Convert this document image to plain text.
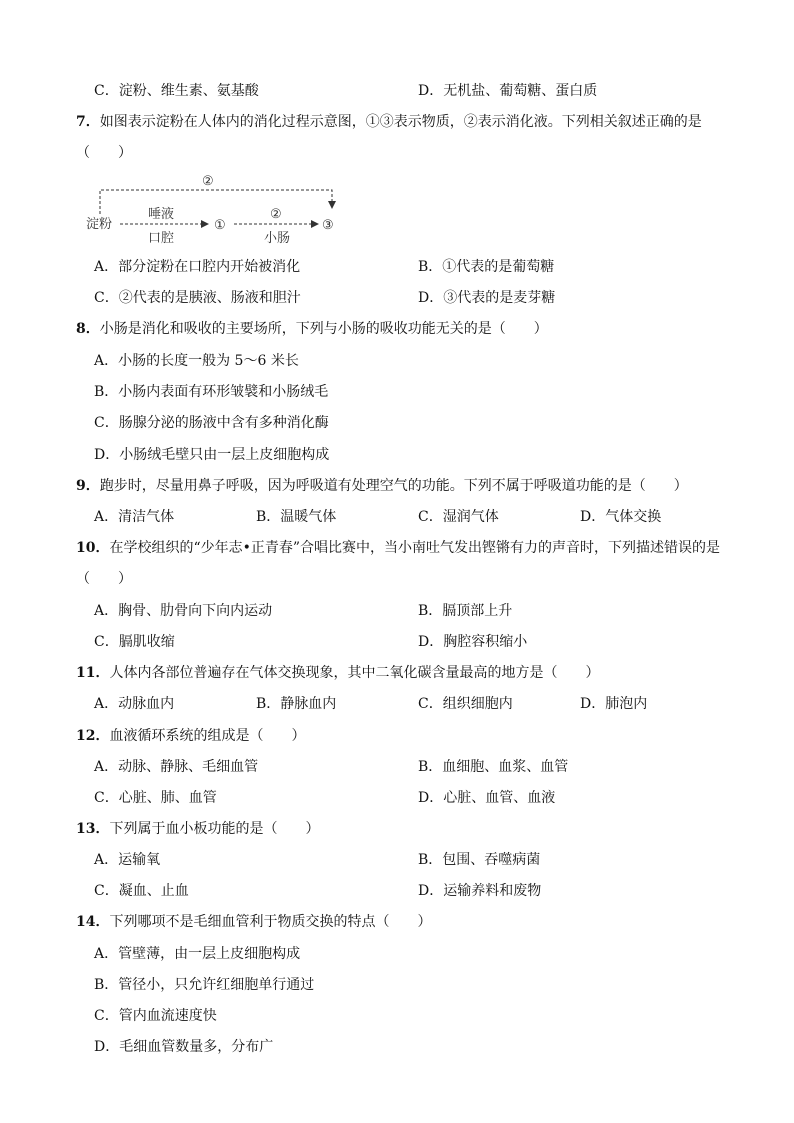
C．淀粉、维生素、氨基酸	D．无机盐、葡萄糖、蛋白质
7．如图表示淀粉在人体内的消化过程示意图，①③表示物质，②表示消化液。下列相关叙述正确的是
（　　）
②
淀粉
唾液
口腔
①
②
小肠
③
A．部分淀粉在口腔内开始被消化	B．①代表的是葡萄糖
C．②代表的是胰液、肠液和胆汁	D．③代表的是麦芽糖
8．小肠是消化和吸收的主要场所，下列与小肠的吸收功能无关的是（　　）
A．小肠的长度一般为 5～6 米长
B．小肠内表面有环形皱襞和小肠绒毛
C．肠腺分泌的肠液中含有多种消化酶
D．小肠绒毛壁只由一层上皮细胞构成
9．跑步时，尽量用鼻子呼吸，因为呼吸道有处理空气的功能。下列不属于呼吸道功能的是（　　）
A．清洁气体	B．温暖气体	C．湿润气体	D．气体交换
10．在学校组织的“少年志•正青春”合唱比赛中，当小南吐气发出铿锵有力的声音时，下列描述错误的是
（　　）
A．胸骨、肋骨向下向内运动	B．膈顶部上升
C．膈肌收缩	D．胸腔容积缩小
11．人体内各部位普遍存在气体交换现象，其中二氧化碳含量最高的地方是（　　）
A．动脉血内	B．静脉血内	C．组织细胞内	D．肺泡内
12．血液循环系统的组成是（　　）
A．动脉、静脉、毛细血管	B．血细胞、血浆、血管
C．心脏、肺、血管	D．心脏、血管、血液
13．下列属于血小板功能的是（　　）
A．运输氧	B．包围、吞噬病菌
C．凝血、止血	D．运输养料和废物
14．下列哪项不是毛细血管利于物质交换的特点（　　）
A．管壁薄，由一层上皮细胞构成
B．管径小，只允许红细胞单行通过
C．管内血流速度快
D．毛细血管数量多，分布广
